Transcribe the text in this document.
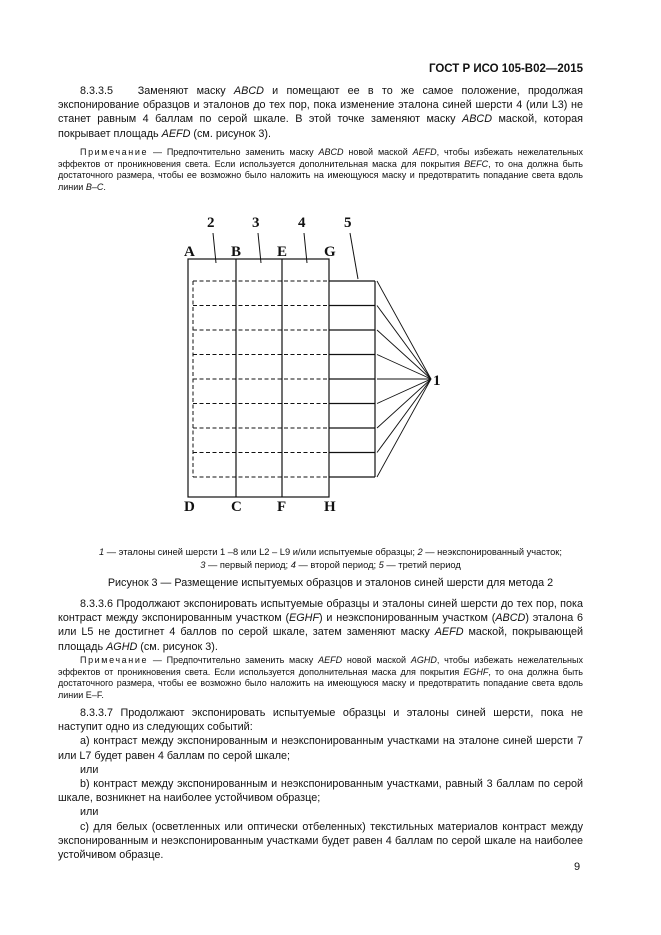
ГОСТ Р ИСО 105-В02—2015
8.3.3.5 Заменяют маску ABCD и помещают ее в то же самое положение, продолжая экспонирование образцов и эталонов до тех пор, пока изменение эталона синей шерсти 4 (или L3) не станет равным 4 баллам по серой шкале. В этой точке заменяют маску ABCD маской, которая покрывает площадь AEFD (см. рисунок 3).
Примечание — Предпочтительно заменить маску ABCD новой маской AEFD, чтобы избежать нежелательных эффектов от проникновения света. Если используется дополнительная маска для покрытия BEFC, то она должна быть достаточного размера, чтобы ее возможно было наложить на имеющуюся маску и предотвратить попадание света вдоль линии B–C.
A B E G
D C F	H
2	3	4	5
1
1 — эталоны синей шерсти 1 –8 или L2 – L9 и/или испытуемые образцы; 2 — неэкспонированный участок;
3 — первый период; 4 — второй период; 5 — третий период
Рисунок 3 — Размещение испытуемых образцов и эталонов синей шерсти для метода 2
8.3.3.6 Продолжают экспонировать испытуемые образцы и эталоны синей шерсти до тех пор, пока контраст между экспонированным участком (EGHF) и неэкспонированным участком (ABCD) эталона 6 или L5 не достигнет 4 баллов по серой шкале, затем заменяют маску AEFD маской, покрывающей площадь AGHD (см. рисунок 3).
Примечание — Предпочтительно заменить маску AEFD новой маской AGHD, чтобы избежать нежелательных эффектов от проникновения света. Если используется дополнительная маска для покрытия EGHF, то она должна быть достаточного размера, чтобы ее возможно было наложить на имеющуюся маску и предотвратить попадание света вдоль линии E–F.
8.3.3.7 Продолжают экспонировать испытуемые образцы и эталоны синей шерсти, пока не наступит одно из следующих событий:
а) контраст между экспонированным и неэкспонированным участками на эталоне синей шерсти 7 или L7 будет равен 4 баллам по серой шкале;
или
b) контраст между экспонированным и неэкспонированным участками, равный 3 баллам по серой шкале, возникнет на наиболее устойчивом образце;
или
с) для белых (осветленных или оптически отбеленных) текстильных материалов контраст между экспонированным и неэкспонированным участками будет равен 4 баллам по серой шкале на наиболее устойчивом образце.
9
